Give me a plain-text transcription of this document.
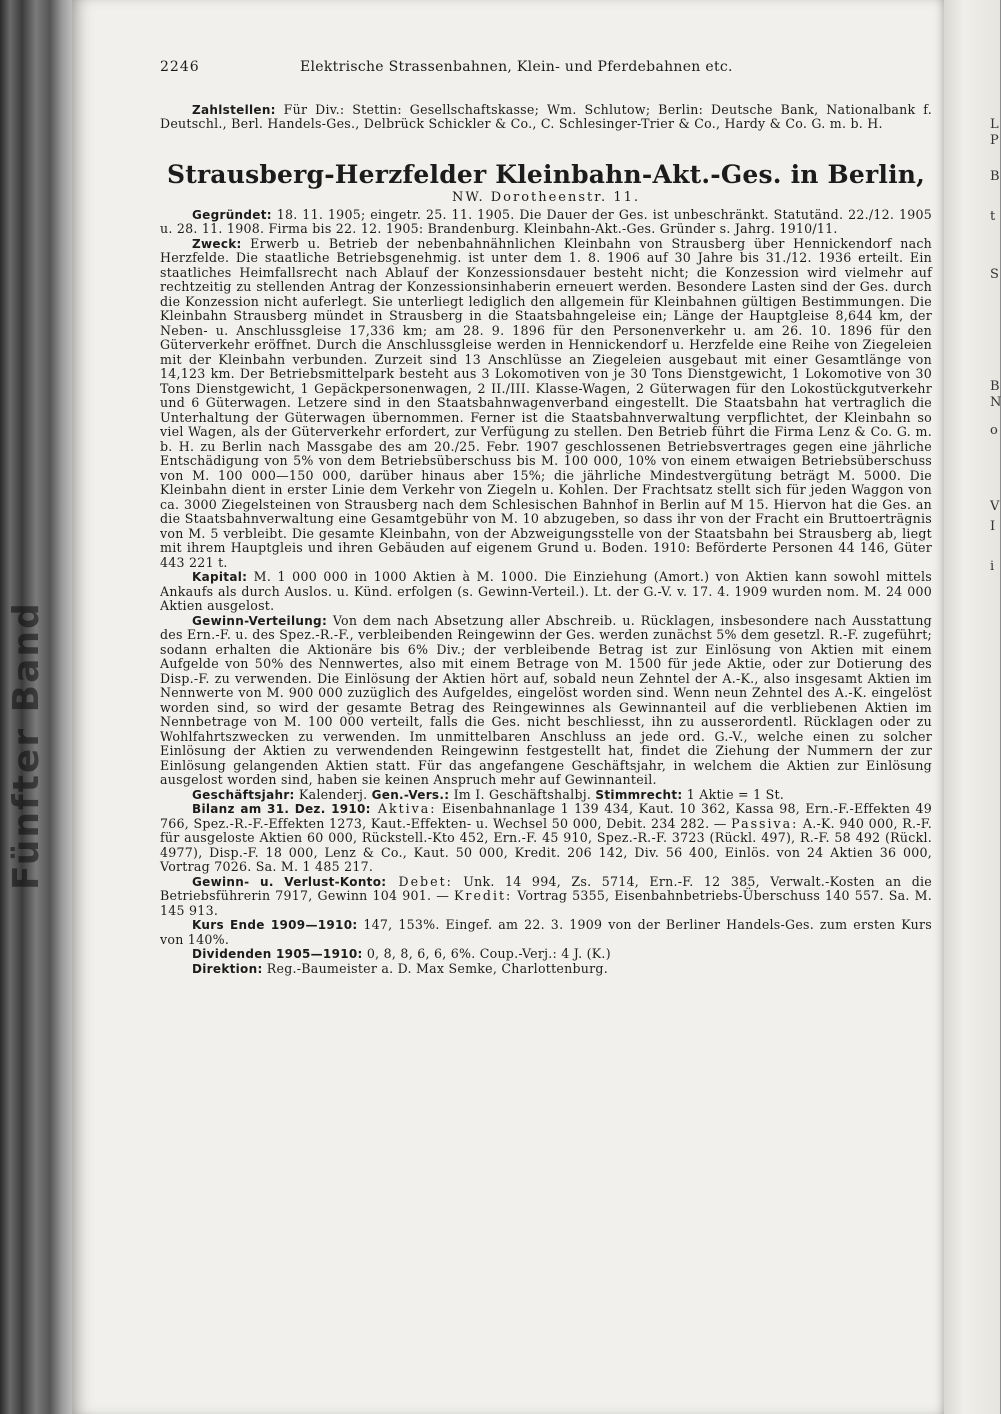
Fünfter Band
2246	Elektrische Strassenbahnen, Klein- und Pferdebahnen etc.

Zahlstellen: Für Div.: Stettin: Gesellschaftskasse; Wm. Schlutow; Berlin: Deutsche Bank, Nationalbank f. Deutschl., Berl. Handels-Ges., Delbrück Schickler & Co., C. Schlesinger-Trier & Co., Hardy & Co. G. m. b. H.

Strausberg-Herzfelder Kleinbahn-Akt.-Ges. in Berlin,
NW. Dorotheenstr. 11.

Gegründet: 18. 11. 1905; eingetr. 25. 11. 1905. Die Dauer der Ges. ist unbeschränkt. Statutänd. 22./12. 1905 u. 28. 11. 1908. Firma bis 22. 12. 1905: Brandenburg. Kleinbahn-Akt.-Ges. Gründer s. Jahrg. 1910/11.

Zweck: Erwerb u. Betrieb der nebenbahnähnlichen Kleinbahn von Strausberg über Hennickendorf nach Herzfelde. Die staatliche Betriebsgenehmig. ist unter dem 1. 8. 1906 auf 30 Jahre bis 31./12. 1936 erteilt. Ein staatliches Heimfallsrecht nach Ablauf der Konzessionsdauer besteht nicht; die Konzession wird vielmehr auf rechtzeitig zu stellenden Antrag der Konzessionsinhaberin erneuert werden. Besondere Lasten sind der Ges. durch die Konzession nicht auferlegt. Sie unterliegt lediglich den allgemein für Kleinbahnen gültigen Bestimmungen. Die Kleinbahn Strausberg mündet in Strausberg in die Staatsbahngeleise ein; Länge der Hauptgleise 8,644 km, der Neben- u. Anschlussgleise 17,336 km; am 28. 9. 1896 für den Personenverkehr u. am 26. 10. 1896 für den Güterverkehr eröffnet. Durch die Anschlussgleise werden in Hennickendorf u. Herzfelde eine Reihe von Ziegeleien mit der Kleinbahn verbunden. Zurzeit sind 13 Anschlüsse an Ziegeleien ausgebaut mit einer Gesamtlänge von 14,123 km. Der Betriebsmittelpark besteht aus 3 Lokomotiven von je 30 Tons Dienstgewicht, 1 Lokomotive von 30 Tons Dienstgewicht, 1 Gepäckpersonenwagen, 2 II./III. Klasse-Wagen, 2 Güterwagen für den Lokostückgutverkehr und 6 Güterwagen. Letzere sind in den Staatsbahnwagenverband eingestellt. Die Staatsbahn hat vertraglich die Unterhaltung der Güterwagen übernommen. Ferner ist die Staatsbahnverwaltung verpflichtet, der Kleinbahn so viel Wagen, als der Güterverkehr erfordert, zur Verfügung zu stellen. Den Betrieb führt die Firma Lenz & Co. G. m. b. H. zu Berlin nach Massgabe des am 20./25. Febr. 1907 geschlossenen Betriebsvertrages gegen eine jährliche Entschädigung von 5% von dem Betriebsüberschuss bis M. 100 000, 10% von einem etwaigen Betriebsüberschuss von M. 100 000—150 000, darüber hinaus aber 15%; die jährliche Mindestvergütung beträgt M. 5000. Die Kleinbahn dient in erster Linie dem Verkehr von Ziegeln u. Kohlen. Der Frachtsatz stellt sich für jeden Waggon von ca. 3000 Ziegelsteinen von Strausberg nach dem Schlesischen Bahnhof in Berlin auf M 15. Hiervon hat die Ges. an die Staatsbahnverwaltung eine Gesamtgebühr von M. 10 abzugeben, so dass ihr von der Fracht ein Bruttoerträgnis von M. 5 verbleibt. Die gesamte Kleinbahn, von der Abzweigungsstelle von der Staatsbahn bei Strausberg ab, liegt mit ihrem Hauptgleis und ihren Gebäuden auf eigenem Grund u. Boden. 1910: Beförderte Personen 44 146, Güter 443 221 t.

Kapital: M. 1 000 000 in 1000 Aktien à M. 1000. Die Einziehung (Amort.) von Aktien kann sowohl mittels Ankaufs als durch Auslos. u. Künd. erfolgen (s. Gewinn-Verteil.). Lt. der G.-V. v. 17. 4. 1909 wurden nom. M. 24 000 Aktien ausgelost.

Gewinn-Verteilung: Von dem nach Absetzung aller Abschreib. u. Rücklagen, insbesondere nach Ausstattung des Ern.-F. u. des Spez.-R.-F., verbleibenden Reingewinn der Ges. werden zunächst 5% dem gesetzl. R.-F. zugeführt; sodann erhalten die Aktionäre bis 6% Div.; der verbleibende Betrag ist zur Einlösung von Aktien mit einem Aufgelde von 50% des Nennwertes, also mit einem Betrage von M. 1500 für jede Aktie, oder zur Dotierung des Disp.-F. zu verwenden. Die Einlösung der Aktien hört auf, sobald neun Zehntel der A.-K., also insgesamt Aktien im Nennwerte von M. 900 000 zuzüglich des Aufgeldes, eingelöst worden sind. Wenn neun Zehntel des A.-K. eingelöst worden sind, so wird der gesamte Betrag des Reingewinnes als Gewinnanteil auf die verbliebenen Aktien im Nennbetrage von M. 100 000 verteilt, falls die Ges. nicht beschliesst, ihn zu ausserordentl. Rücklagen oder zu Wohlfahrtszwecken zu verwenden. Im unmittelbaren Anschluss an jede ord. G.-V., welche einen zu solcher Einlösung der Aktien zu verwendenden Reingewinn festgestellt hat, findet die Ziehung der Nummern der zur Einlösung gelangenden Aktien statt. Für das angefangene Geschäftsjahr, in welchem die Aktien zur Einlösung ausgelost worden sind, haben sie keinen Anspruch mehr auf Gewinnanteil.

Geschäftsjahr: Kalenderj. Gen.-Vers.: Im I. Geschäftshalbj. Stimmrecht: 1 Aktie = 1 St.

Bilanz am 31. Dez. 1910: Aktiva: Eisenbahnanlage 1 139 434, Kaut. 10 362, Kassa 98, Ern.-F.-Effekten 49 766, Spez.-R.-F.-Effekten 1273, Kaut.-Effekten- u. Wechsel 50 000, Debit. 234 282. — Passiva: A.-K. 940 000, R.-F. für ausgeloste Aktien 60 000, Rückstell.-Kto 452, Ern.-F. 45 910, Spez.-R.-F. 3723 (Rückl. 497), R.-F. 58 492 (Rückl. 4977), Disp.-F. 18 000, Lenz & Co., Kaut. 50 000, Kredit. 206 142, Div. 56 400, Einlös. von 24 Aktien 36 000, Vortrag 7026. Sa. M. 1 485 217.

Gewinn- u. Verlust-Konto: Debet: Unk. 14 994, Zs. 5714, Ern.-F. 12 385, Verwalt.-Kosten an die Betriebsführerin 7917, Gewinn 104 901. — Kredit: Vortrag 5355, Eisenbahnbetriebs-Überschuss 140 557. Sa. M. 145 913.

Kurs Ende 1909—1910: 147, 153%. Eingef. am 22. 3. 1909 von der Berliner Handels-Ges. zum ersten Kurs von 140%.

Dividenden 1905—1910: 0, 8, 8, 6, 6, 6%. Coup.-Verj.: 4 J. (K.)

Direktion: Reg.-Baumeister a. D. Max Semke, Charlottenburg.

L
P
B
t
S
B
N
o
V
I
i
